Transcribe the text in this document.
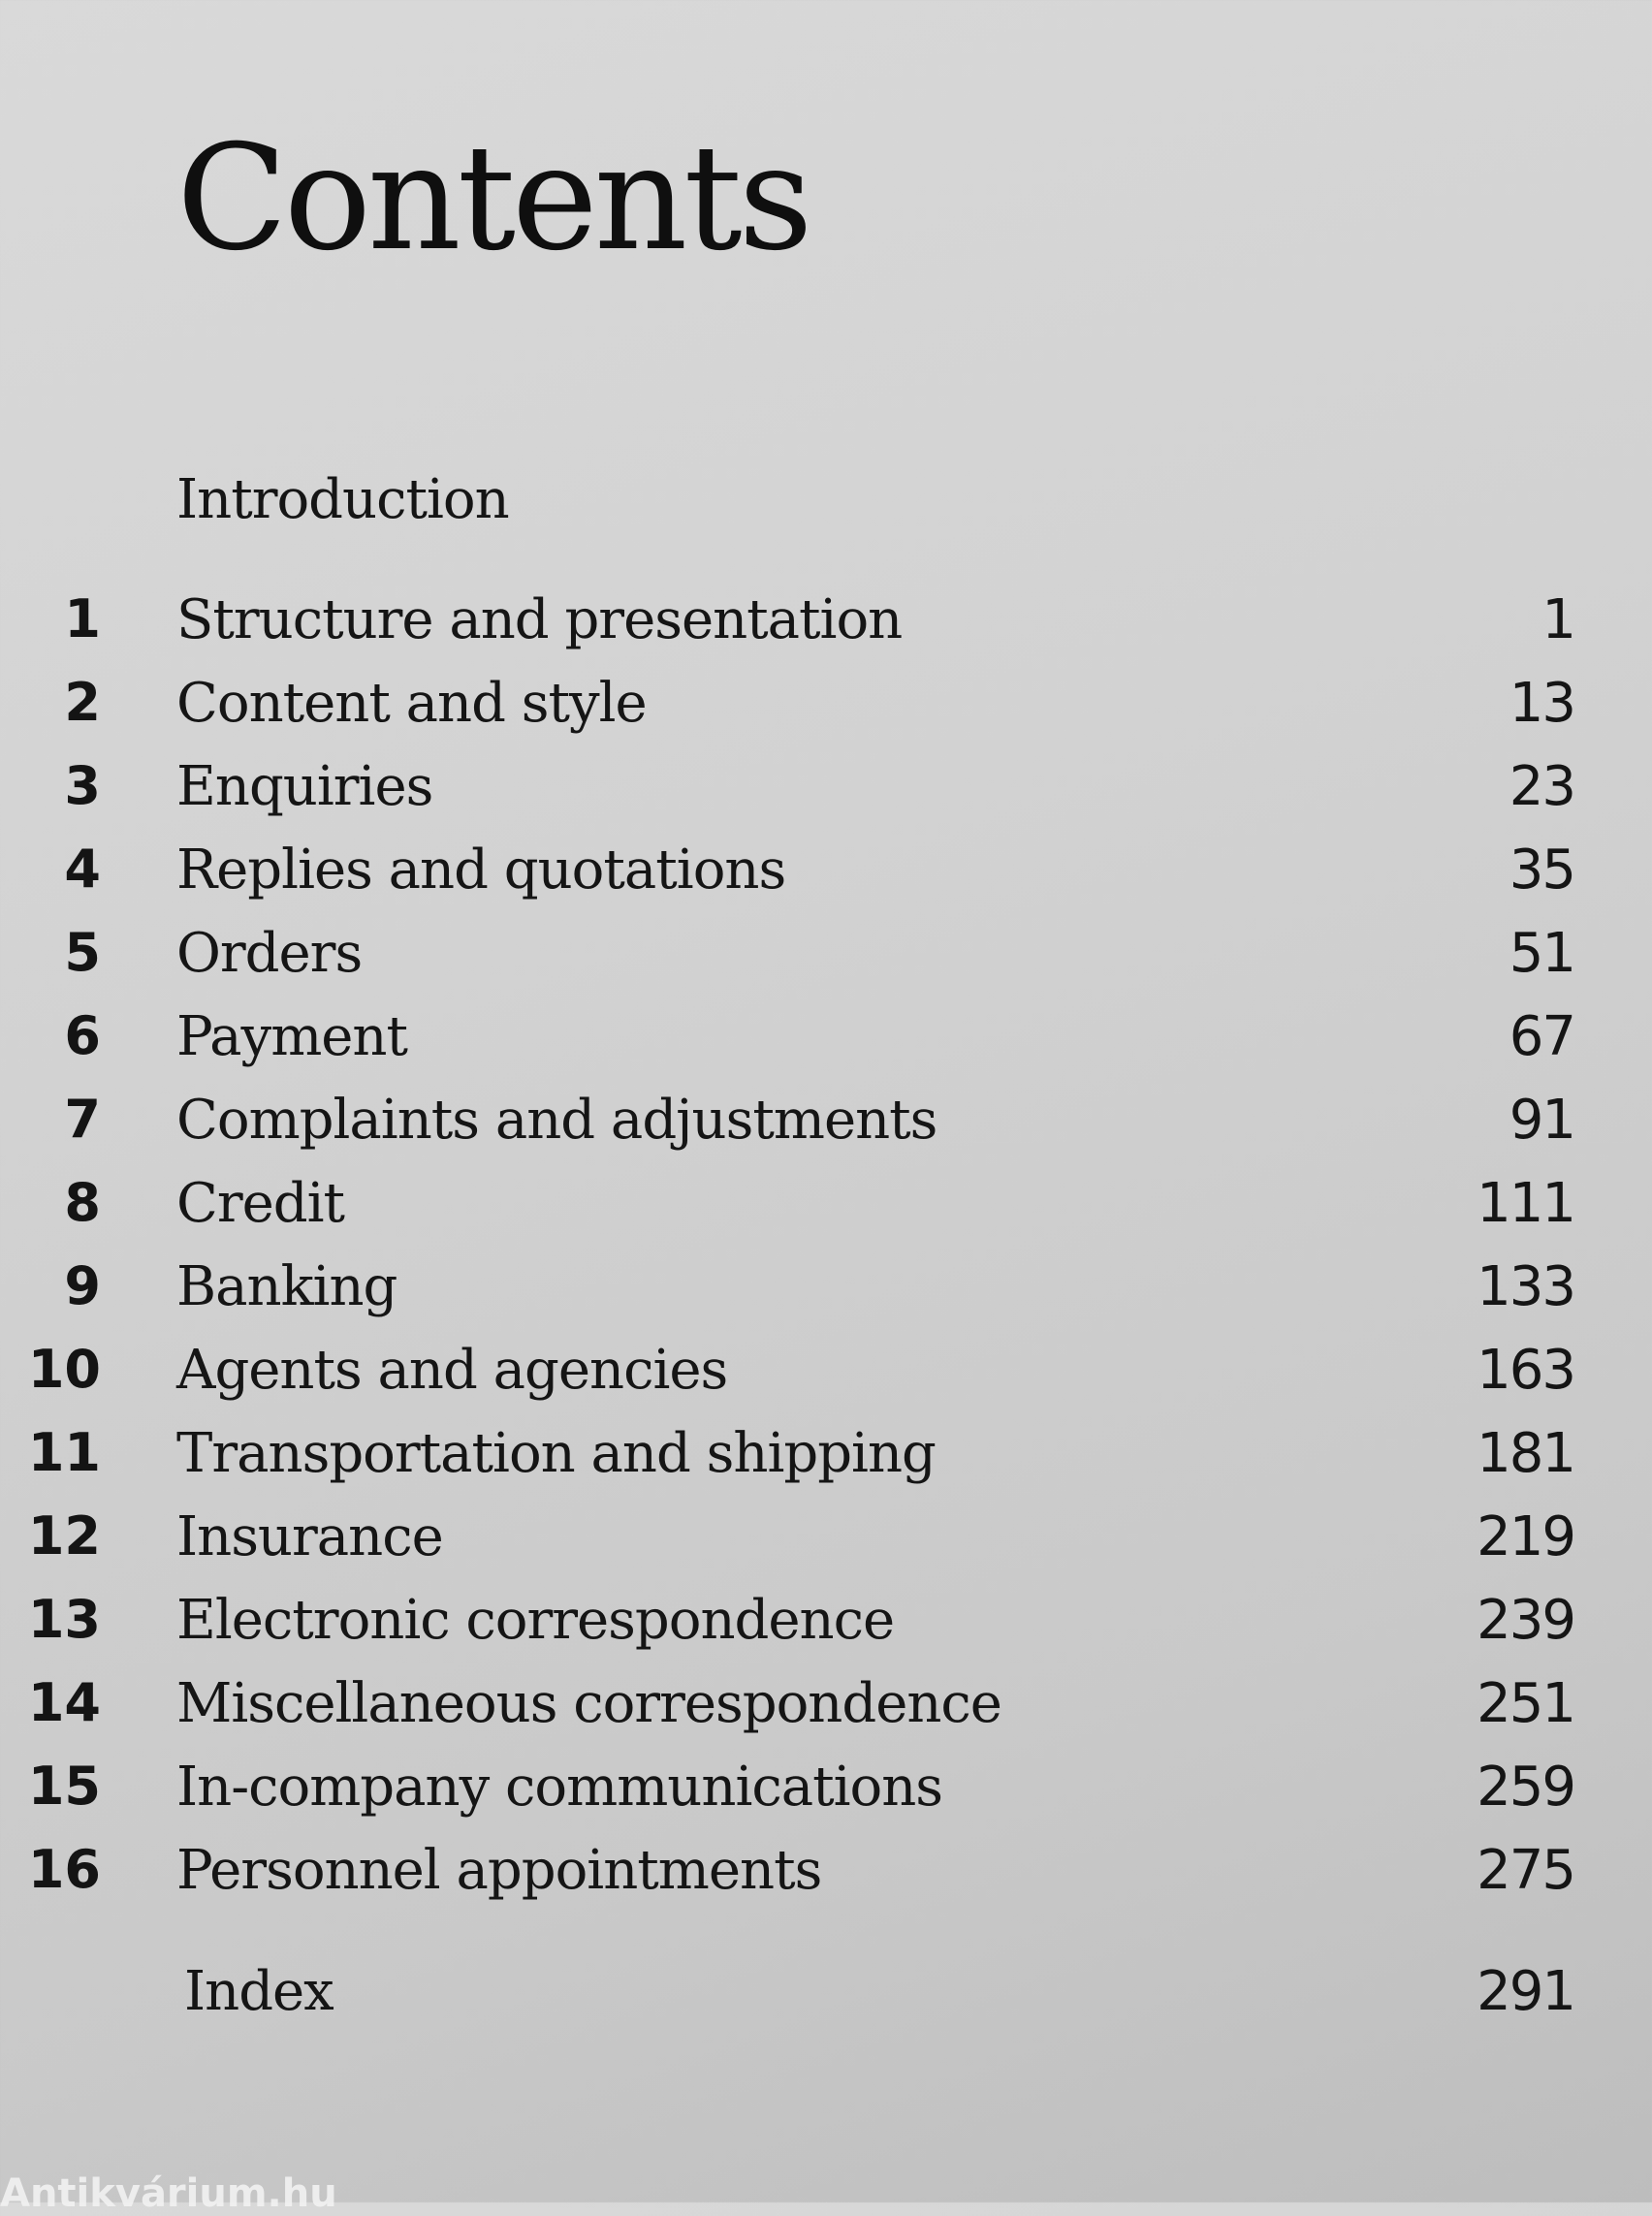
Contents
Introduction
1 Structure and presentation	1
2 Content and style	13
3 Enquiries	23
4 Replies and quotations	35
5 Orders	51
6 Payment	67
7 Complaints and adjustments	91
8 Credit	111
9 Banking	133
10 Agents and agencies	163
11 Transportation and shipping	181
12 Insurance	219
13 Electronic correspondence	239
14 Miscellaneous correspondence	251
15 In-company communications	259
16 Personnel appointments	275
Index	291
Antikvárium.hu
